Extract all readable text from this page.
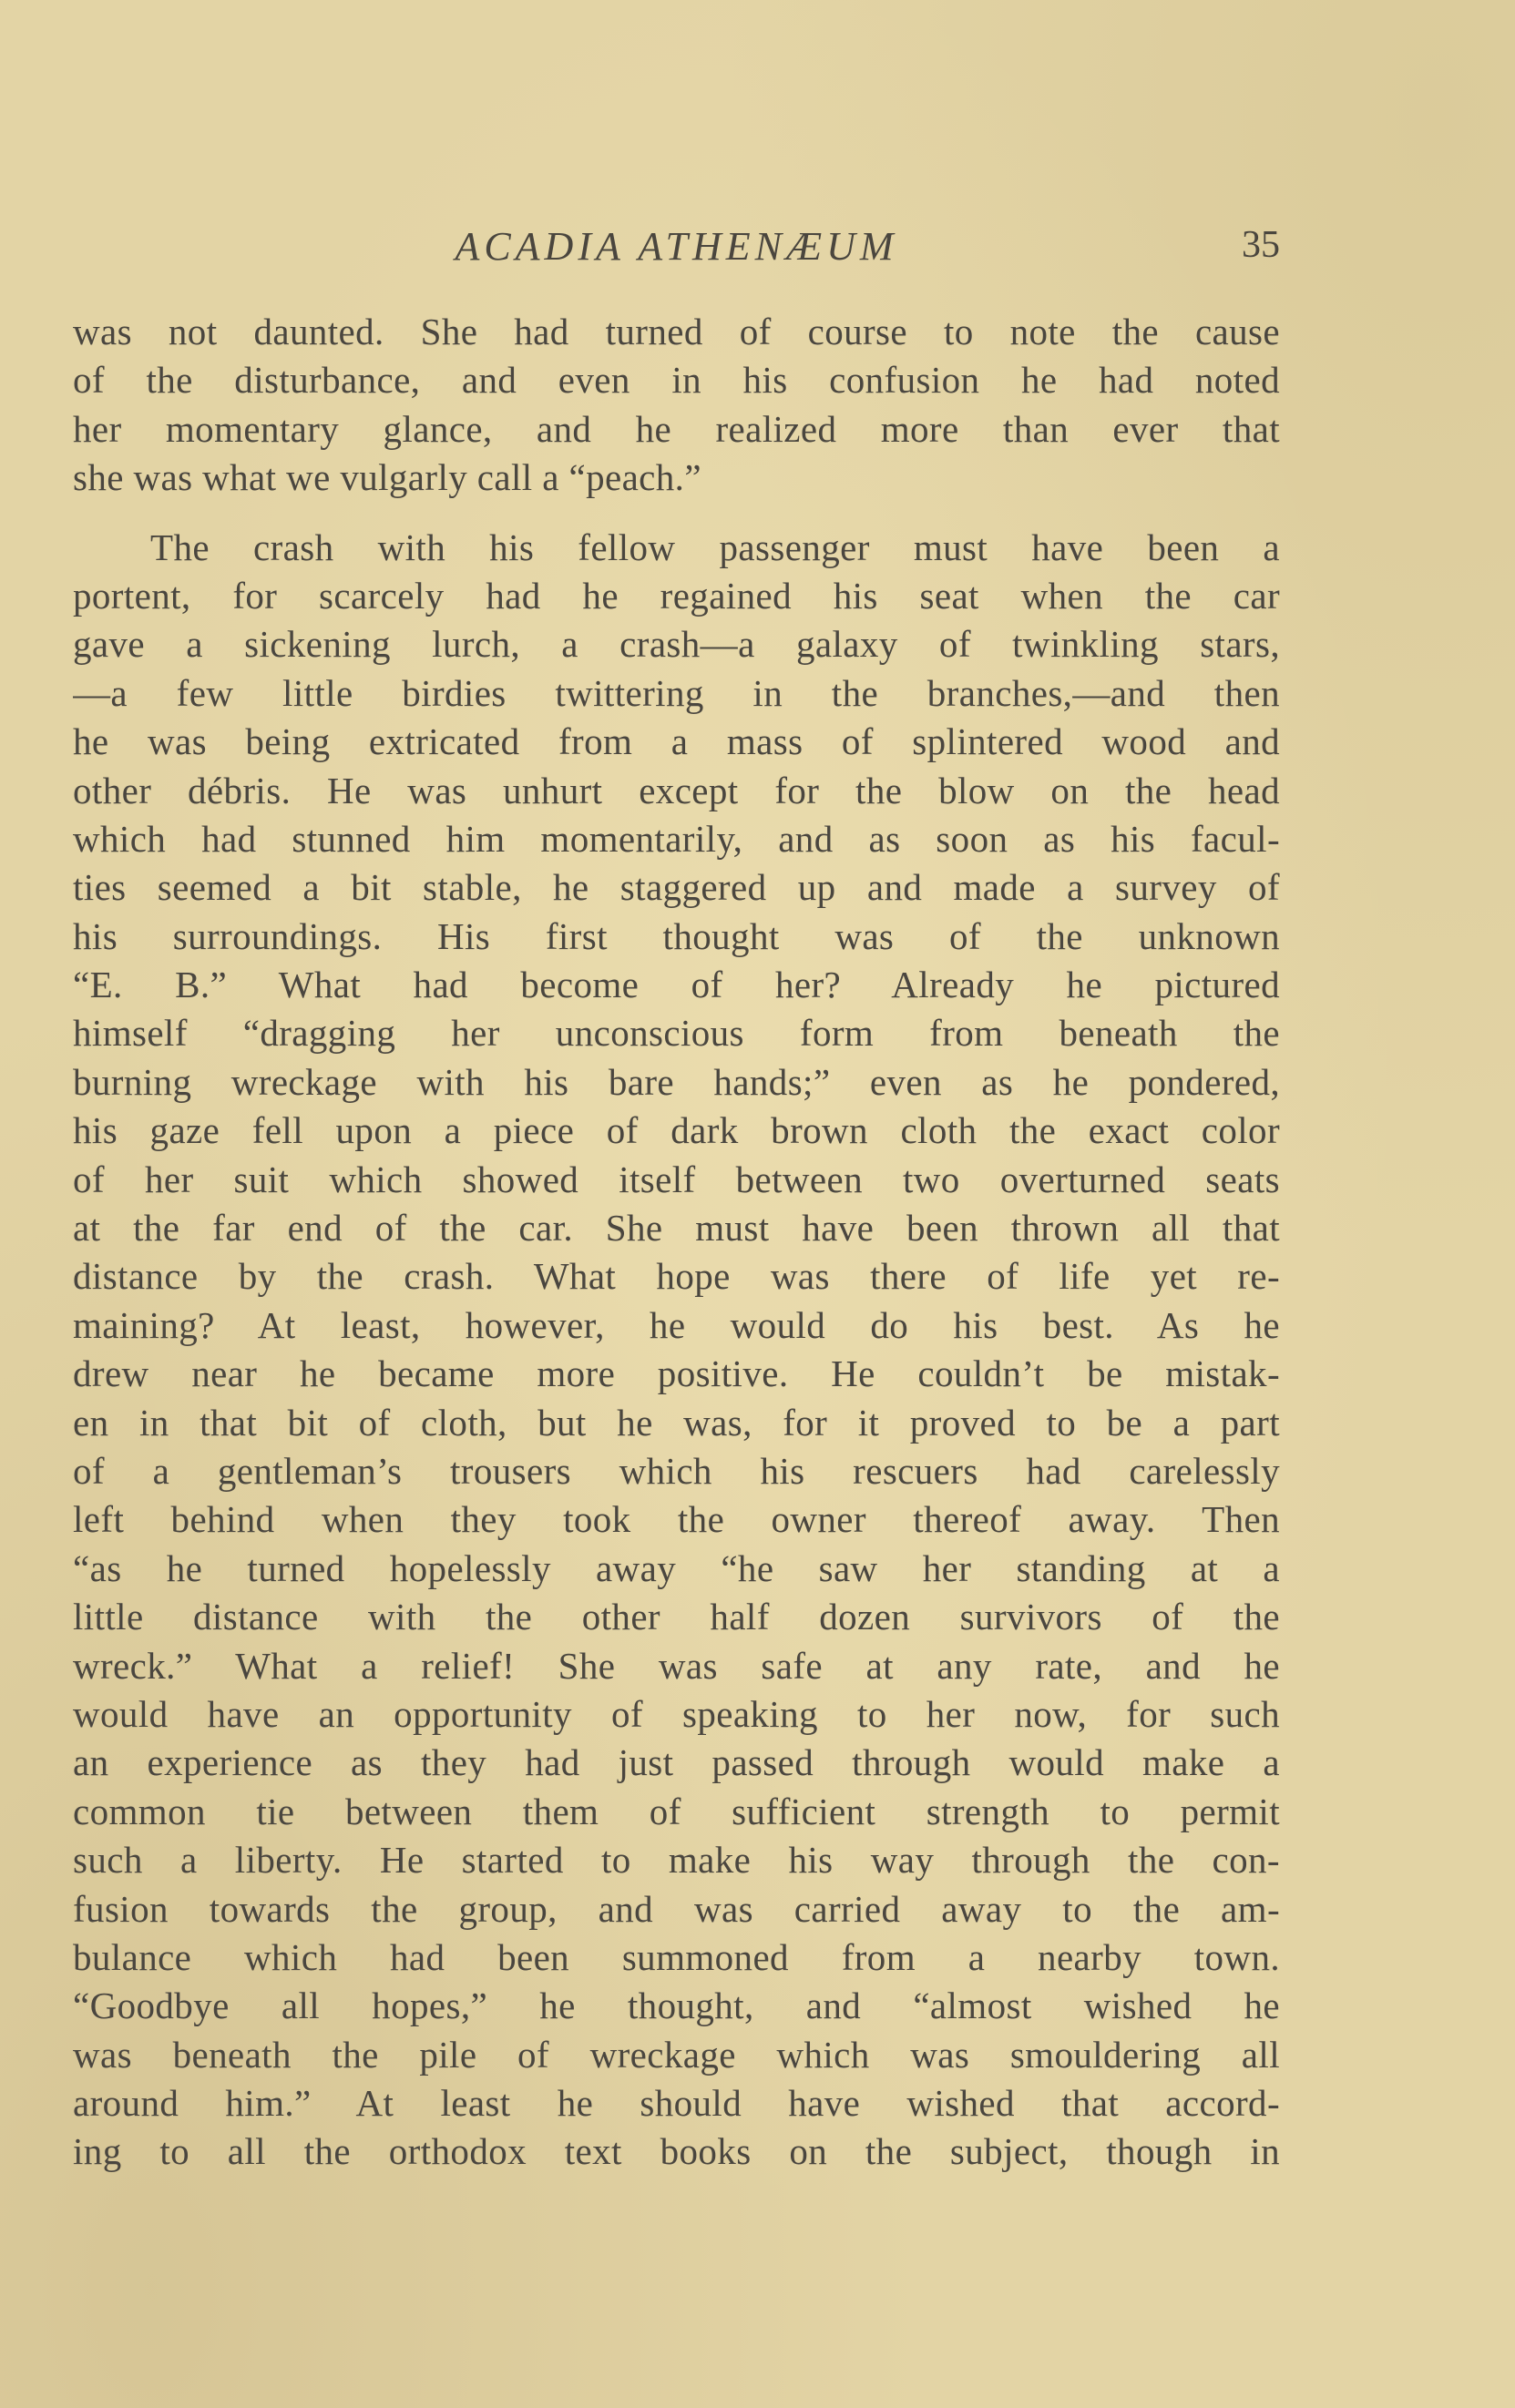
ACADIA ATHENÆUM	35
was not daunted. She had turned of course to note the cause
of the disturbance, and even in his confusion he had noted
her momentary glance, and he realized more than ever that
she was what we vulgarly call a “peach.”
The crash with his fellow passenger must have been a
portent, for scarcely had he regained his seat when the car
gave a sickening lurch, a crash—a galaxy of twinkling stars,
—a few little birdies twittering in the branches,—and then
he was being extricated from a mass of splintered wood and
other débris. He was unhurt except for the blow on the head
which had stunned him momentarily, and as soon as his facul-
ties seemed a bit stable, he staggered up and made a survey of
his surroundings. His first thought was of the unknown
“E. B.” What had become of her? Already he pictured
himself “dragging her unconscious form from beneath the
burning wreckage with his bare hands;” even as he pondered,
his gaze fell upon a piece of dark brown cloth the exact color
of her suit which showed itself between two overturned seats
at the far end of the car. She must have been thrown all that
distance by the crash. What hope was there of life yet re-
maining? At least, however, he would do his best. As he
drew near he became more positive. He couldn’t be mistak-
en in that bit of cloth, but he was, for it proved to be a part
of a gentleman’s trousers which his rescuers had carelessly
left behind when they took the owner thereof away. Then
“as he turned hopelessly away “he saw her standing at a
little distance with the other half dozen survivors of the
wreck.” What a relief! She was safe at any rate, and he
would have an opportunity of speaking to her now, for such
an experience as they had just passed through would make a
common tie between them of sufficient strength to permit
such a liberty. He started to make his way through the con-
fusion towards the group, and was carried away to the am-
bulance which had been summoned from a nearby town.
“Goodbye all hopes,” he thought, and “almost wished he
was beneath the pile of wreckage which was smouldering all
around him.” At least he should have wished that accord-
ing to all the orthodox text books on the subject, though in
